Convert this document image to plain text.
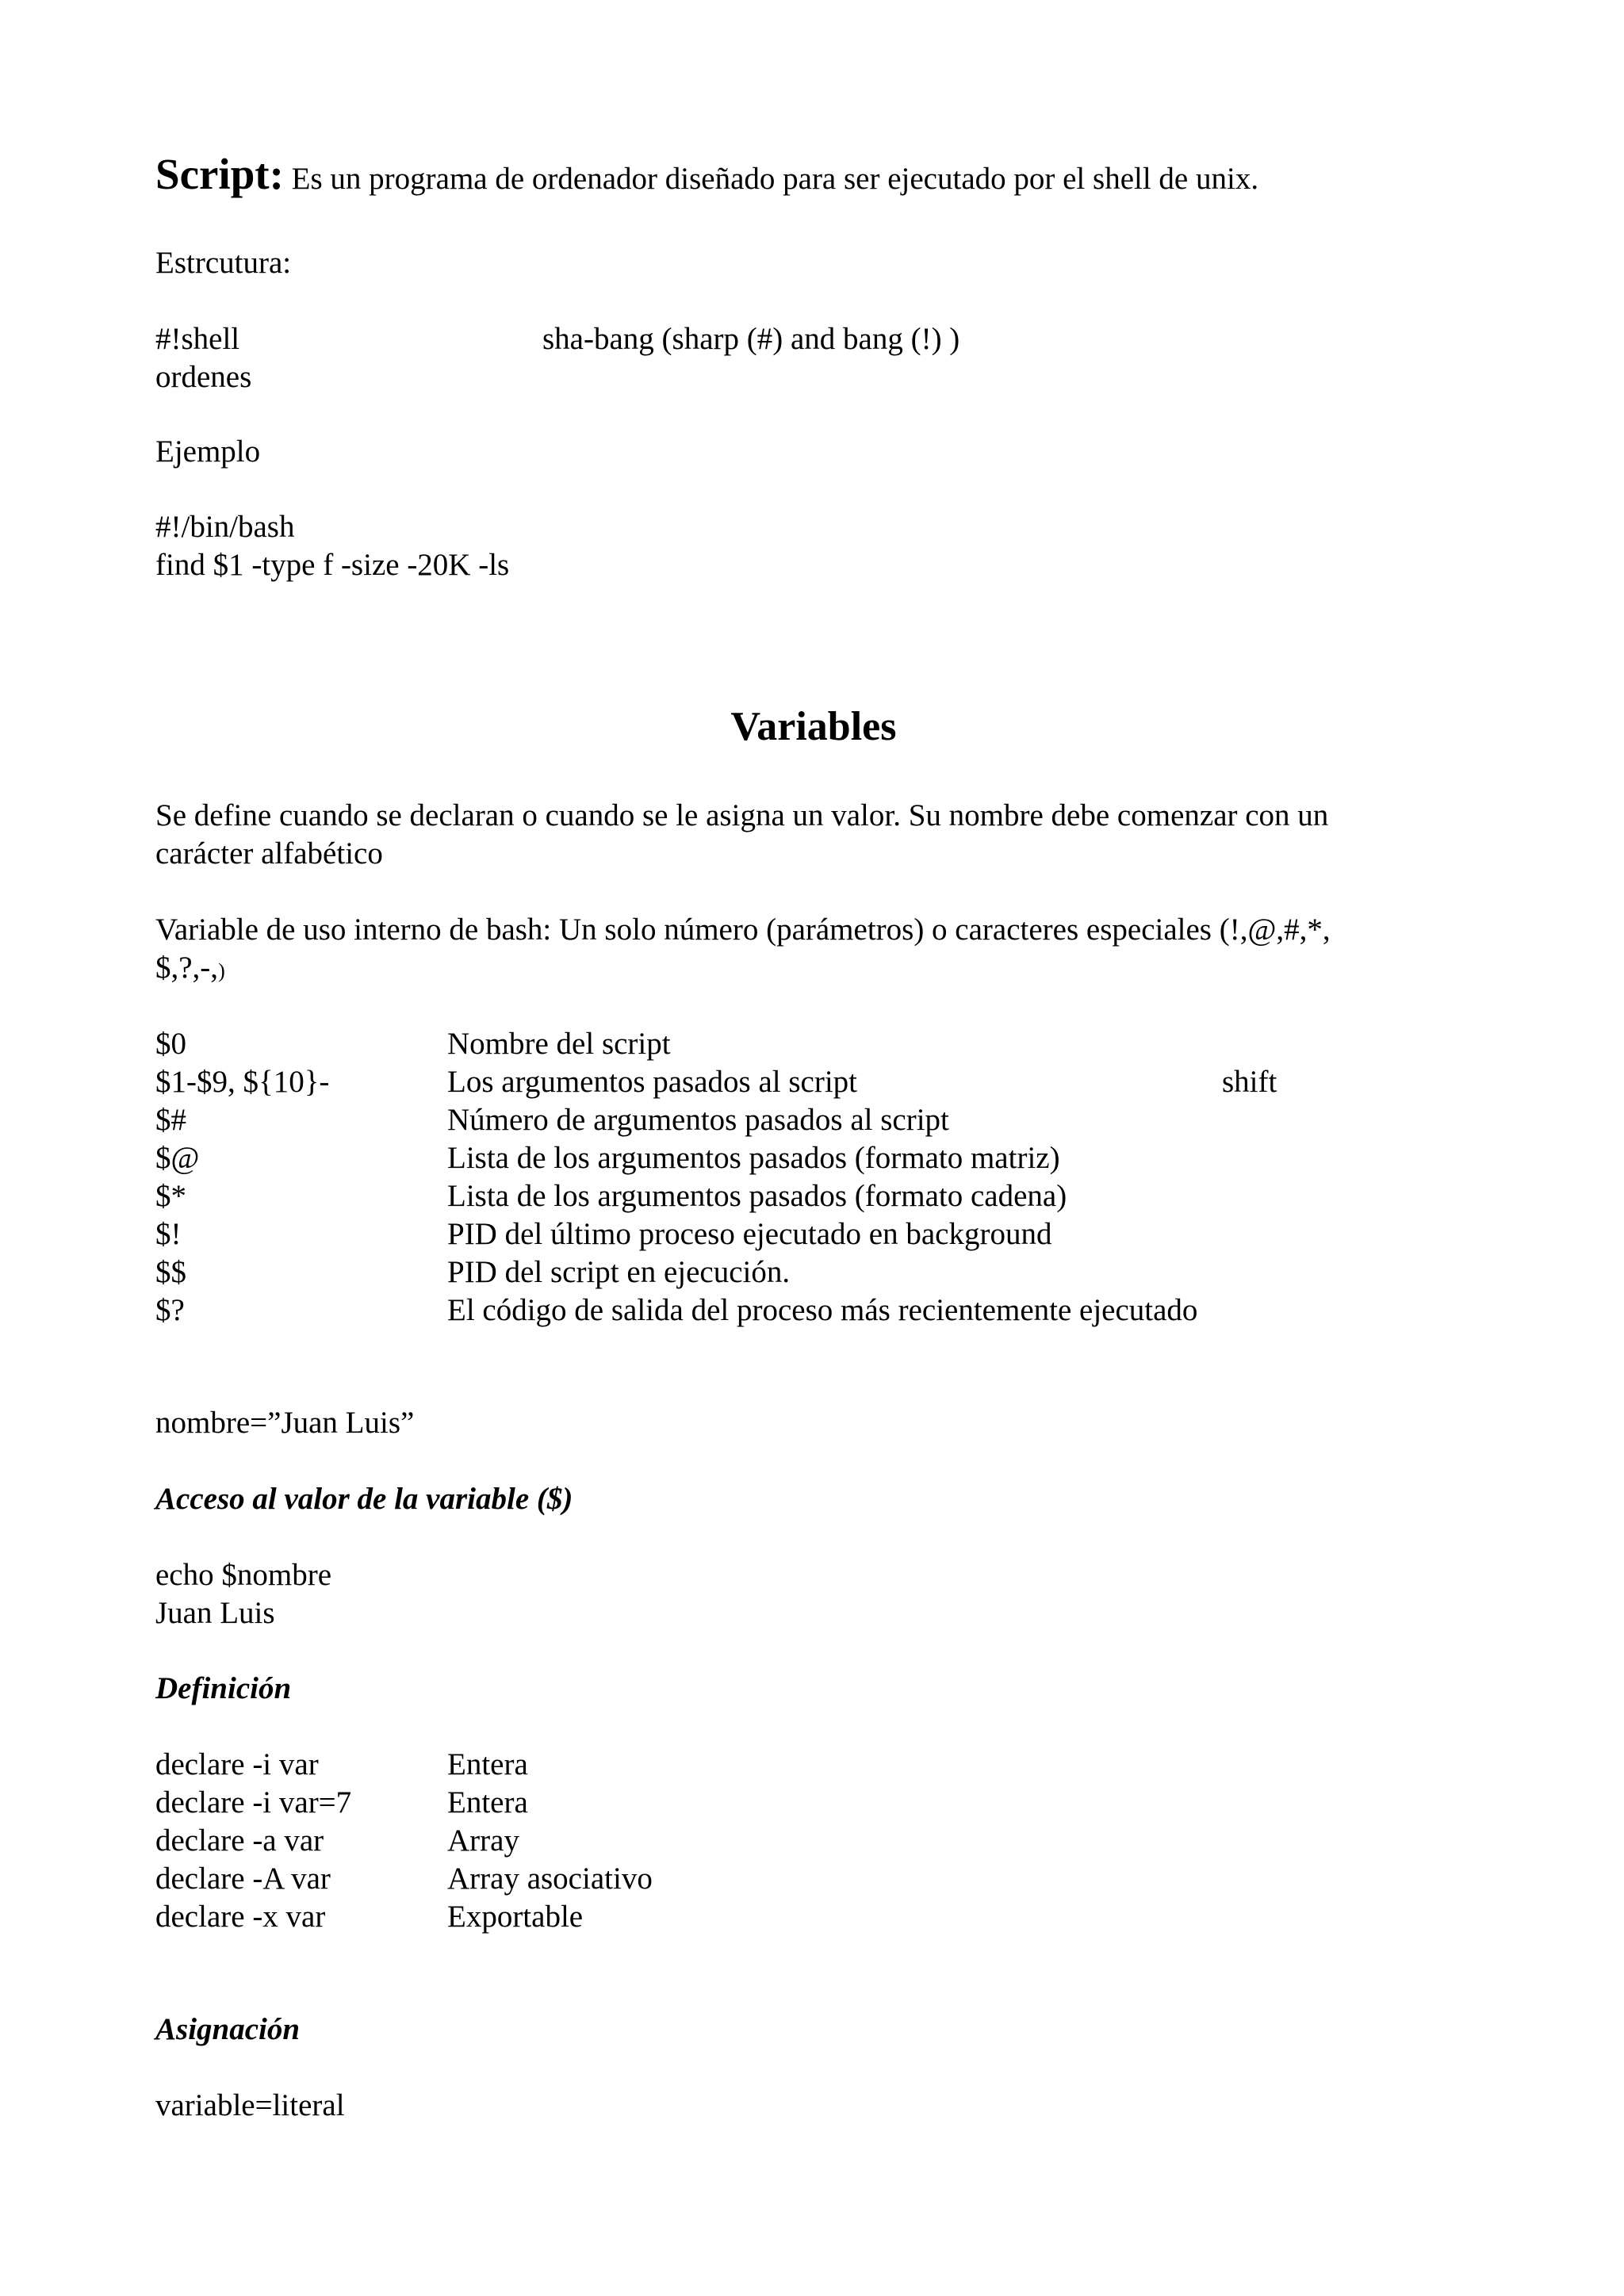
Script: Es un programa de ordenador diseñado para ser ejecutado por el shell de unix.
Estrcutura:
#!shell	sha-bang (sharp (#) and bang (!) )
ordenes
Ejemplo
#!/bin/bash
find $1 -type f -size -20K -ls
Variables
Se define cuando se declaran o cuando se le asigna un valor. Su nombre debe comenzar con un
carácter alfabético
Variable de uso interno de bash: Un solo número (parámetros) o caracteres especiales (!,@,#,*,
$,?,-,)
$0	Nombre del script
$1-$9, ${10}-	Los argumentos pasados al script	shift
$#	Número de argumentos pasados al script
$@	Lista de los argumentos pasados (formato matriz)
$*	Lista de los argumentos pasados (formato cadena)
$!	PID del último proceso ejecutado en background
$$	PID del script en ejecución.
$?	El código de salida del proceso más recientemente ejecutado
nombre=”Juan Luis”
Acceso al valor de la variable ($)
echo $nombre
Juan Luis
Definición
declare -i var	Entera
declare -i var=7	Entera
declare -a var	Array
declare -A var	Array asociativo
declare -x var	Exportable
Asignación
variable=literal
